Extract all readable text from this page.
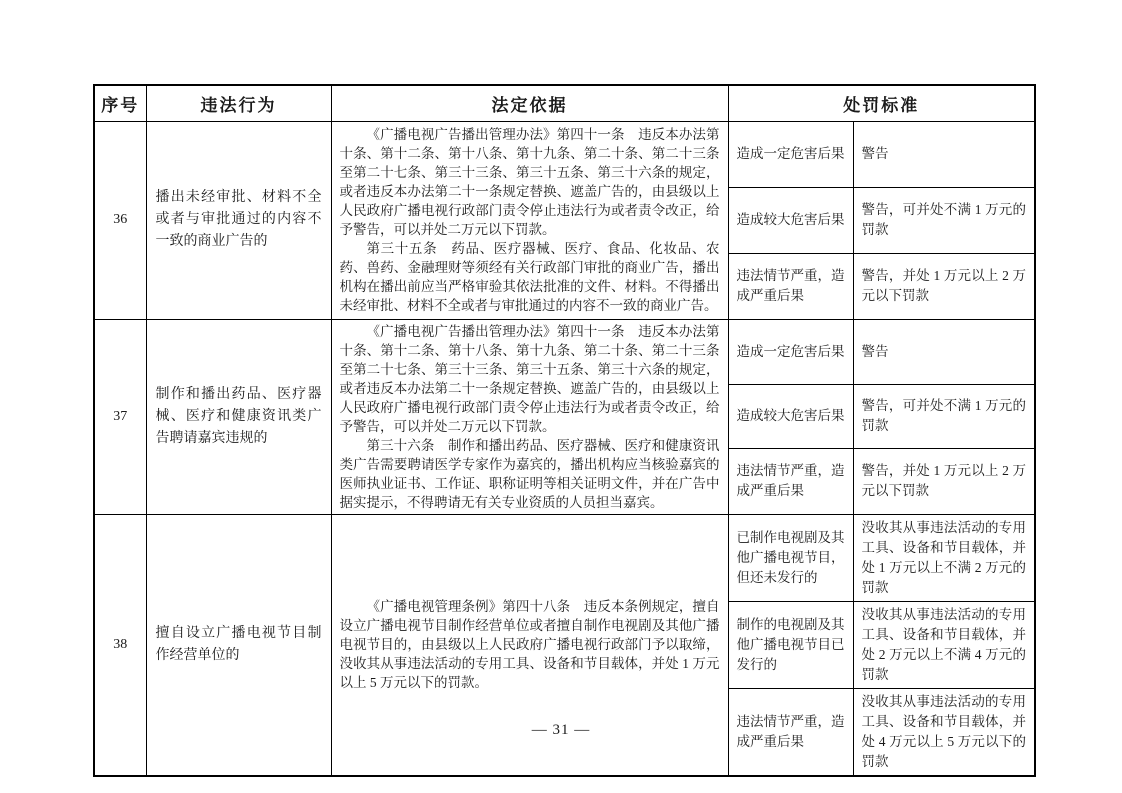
序号	违法行为	法定依据	处罚标准	
36	播出未经审批、材料不全或者与审批通过的内容不一致的商业广告的	《广播电视广告播出管理办法》第四十一条　违反本办法第十条、第十二条、第十八条、第十九条、第二十条、第二十三条至第二十七条、第三十三条、第三十五条、第三十六条的规定，或者违反本办法第二十一条规定替换、遮盖广告的，由县级以上人民政府广播电视行政部门责令停止违法行为或者责令改正，给予警告，可以并处二万元以下罚款。

第三十五条　药品、医疗器械、医疗、食品、化妆品、农药、兽药、金融理财等须经有关行政部门审批的商业广告，播出机构在播出前应当严格审验其依法批准的文件、材料。不得播出未经审批、材料不全或者与审批通过的内容不一致的商业广告。	造成一定危害后果	警告
			造成较大危害后果	警告，可并处不满 1 万元的罚款
			违法情节严重，造成严重后果	警告，并处 1 万元以上 2 万元以下罚款
37	制作和播出药品、医疗器械、医疗和健康资讯类广告聘请嘉宾违规的	《广播电视广告播出管理办法》第四十一条　违反本办法第十条、第十二条、第十八条、第十九条、第二十条、第二十三条至第二十七条、第三十三条、第三十五条、第三十六条的规定，或者违反本办法第二十一条规定替换、遮盖广告的，由县级以上人民政府广播电视行政部门责令停止违法行为或者责令改正，给予警告，可以并处二万元以下罚款。

第三十六条　制作和播出药品、医疗器械、医疗和健康资讯类广告需要聘请医学专家作为嘉宾的，播出机构应当核验嘉宾的医师执业证书、工作证、职称证明等相关证明文件，并在广告中据实提示，不得聘请无有关专业资质的人员担当嘉宾。	造成一定危害后果	警告
			造成较大危害后果	警告，可并处不满 1 万元的罚款
			违法情节严重，造成严重后果	警告，并处 1 万元以上 2 万元以下罚款
38	擅自设立广播电视节目制作经营单位的	《广播电视管理条例》第四十八条　违反本条例规定，擅自设立广播电视节目制作经营单位或者擅自制作电视剧及其他广播电视节目的，由县级以上人民政府广播电视行政部门予以取缔，没收其从事违法活动的专用工具、设备和节目载体，并处 1 万元以上 5 万元以下的罚款。	已制作电视剧及其他广播电视节目，但还未发行的	没收其从事违法活动的专用工具、设备和节目载体，并处 1 万元以上不满 2 万元的罚款
			制作的电视剧及其他广播电视节目已发行的	没收其从事违法活动的专用工具、设备和节目载体，并处 2 万元以上不满 4 万元的罚款
			违法情节严重，造成严重后果	没收其从事违法活动的专用工具、设备和节目载体，并处 4 万元以上 5 万元以下的罚款
— 31 —
